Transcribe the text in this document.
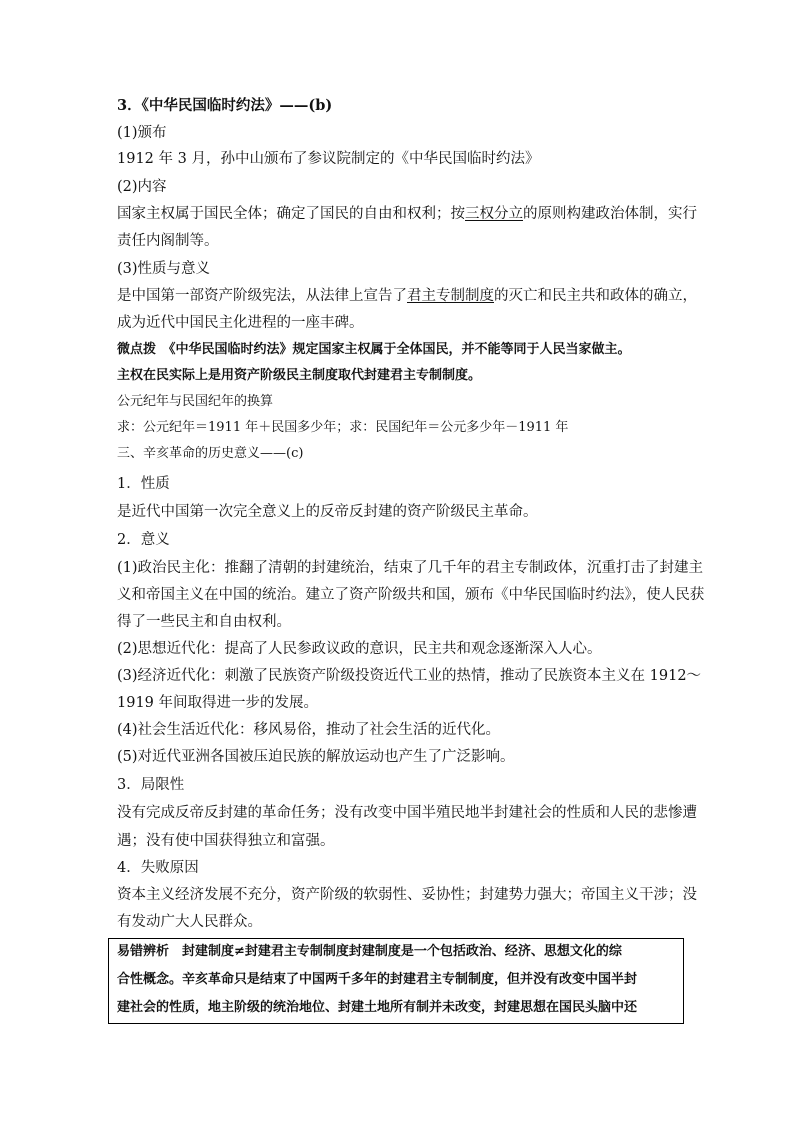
3．《中华民国临时约法》——(b)
(1)颁布
1912 年 3 月，孙中山颁布了参议院制定的《中华民国临时约法》
(2)内容
国家主权属于国民全体；确定了国民的自由和权利；按三权分立的原则构建政治体制，实行
责任内阁制等。
(3)性质与意义
是中国第一部资产阶级宪法，从法律上宣告了君主专制制度的灭亡和民主共和政体的确立，
成为近代中国民主化进程的一座丰碑。
微点拨　《中华民国临时约法》规定国家主权属于全体国民，并不能等同于人民当家做主。
主权在民实际上是用资产阶级民主制度取代封建君主专制制度。
公元纪年与民国纪年的换算
求：公元纪年＝1911 年＋民国多少年；求：民国纪年＝公元多少年－1911 年
三、辛亥革命的历史意义——(c)
1．性质
是近代中国第一次完全意义上的反帝反封建的资产阶级民主革命。
2．意义
(1)政治民主化：推翻了清朝的封建统治，结束了几千年的君主专制政体，沉重打击了封建主
义和帝国主义在中国的统治。建立了资产阶级共和国，颁布《中华民国临时约法》，使人民获
得了一些民主和自由权利。
(2)思想近代化：提高了人民参政议政的意识，民主共和观念逐渐深入人心。
(3)经济近代化：刺激了民族资产阶级投资近代工业的热情，推动了民族资本主义在 1912～
1919 年间取得进一步的发展。
(4)社会生活近代化：移风易俗，推动了社会生活的近代化。
(5)对近代亚洲各国被压迫民族的解放运动也产生了广泛影响。
3．局限性
没有完成反帝反封建的革命任务；没有改变中国半殖民地半封建社会的性质和人民的悲惨遭
遇；没有使中国获得独立和富强。
4．失败原因
资本主义经济发展不充分，资产阶级的软弱性、妥协性；封建势力强大；帝国主义干涉；没
有发动广大人民群众。
易错辨析　封建制度≠封建君主专制制度封建制度是一个包括政治、经济、思想文化的综
合性概念。辛亥革命只是结束了中国两千多年的封建君主专制制度，但并没有改变中国半封
建社会的性质，地主阶级的统治地位、封建土地所有制并未改变，封建思想在国民头脑中还
